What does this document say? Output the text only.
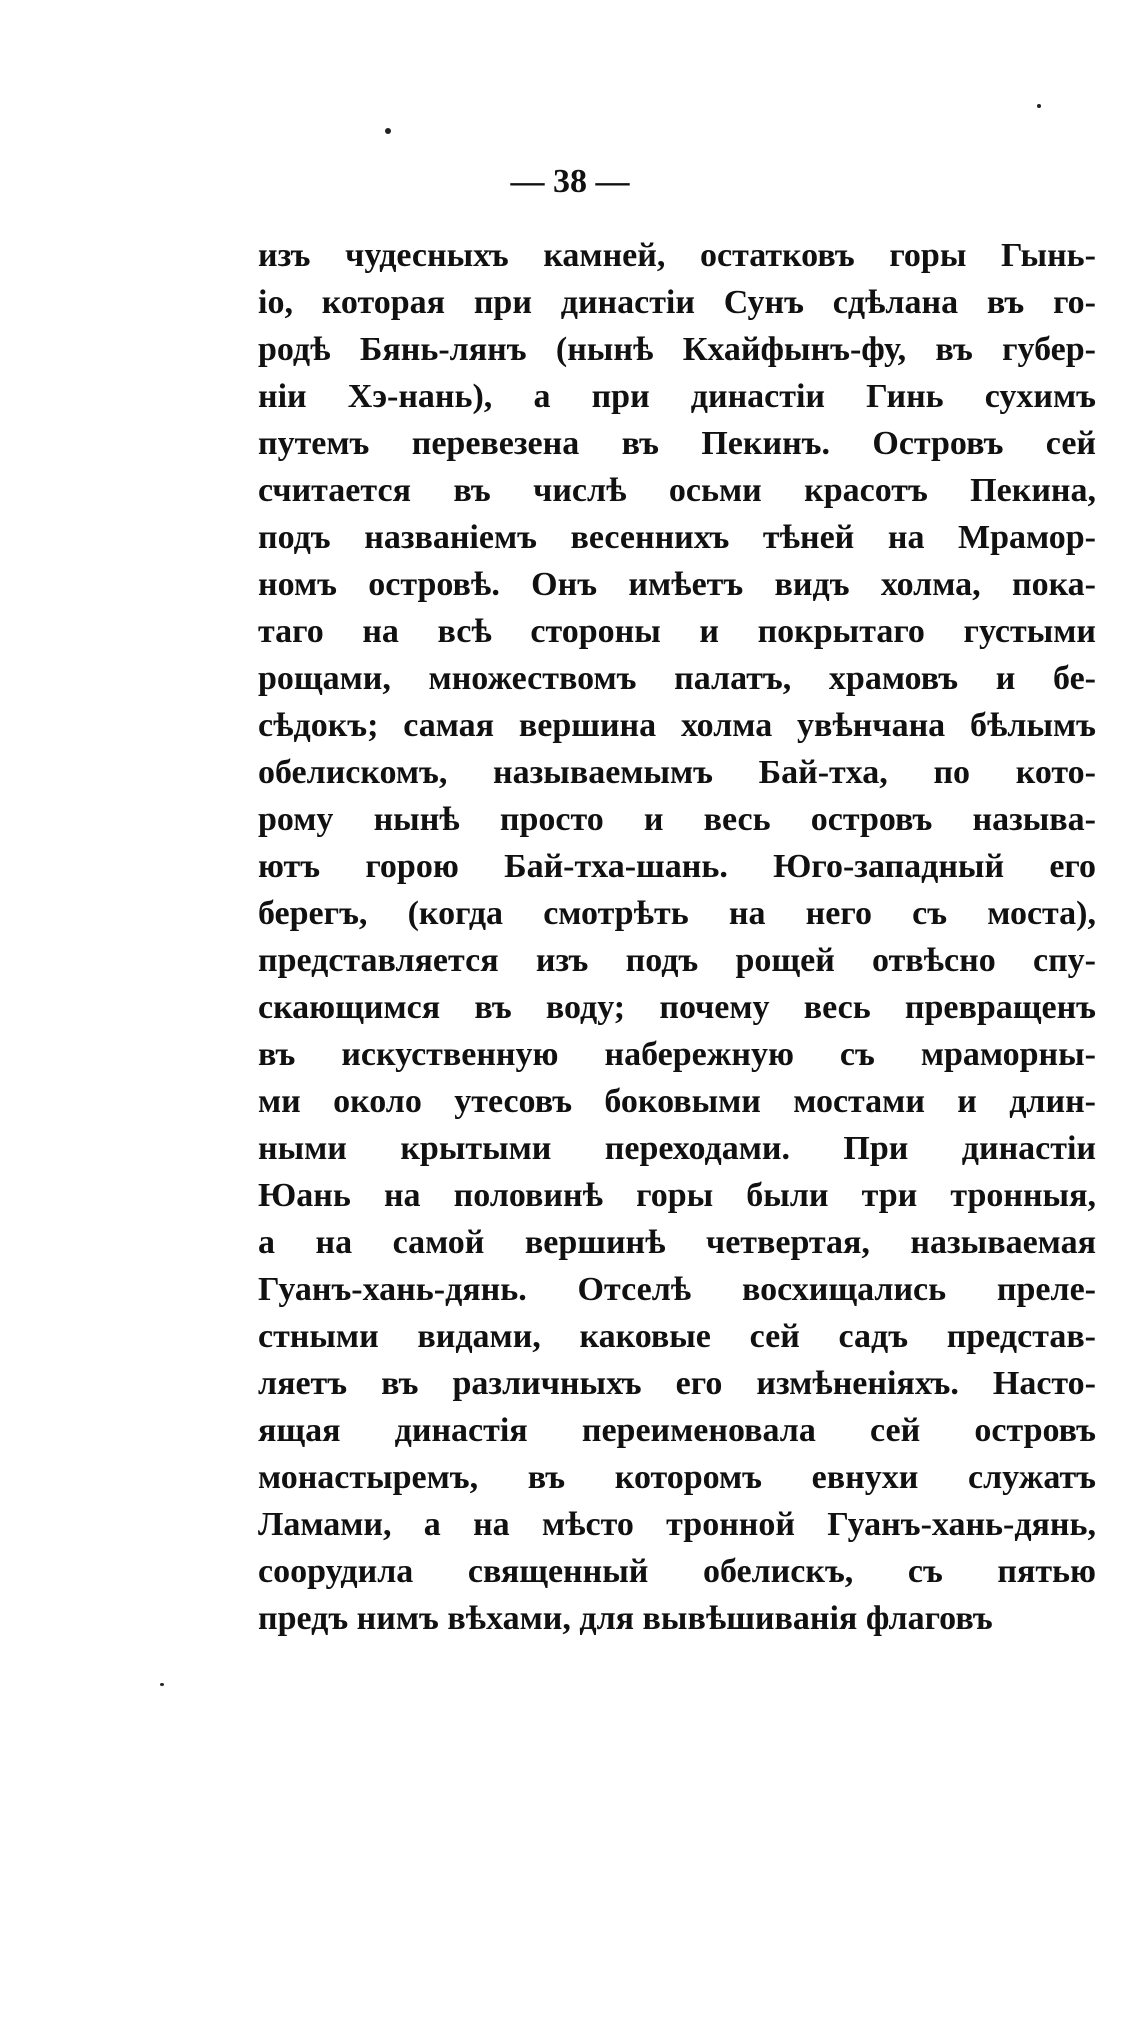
— 38 —
изъ чудесныхъ камней, остатковъ горы Гынь-
іо, которая при династіи Сунъ сдѣлана въ го-
родѣ Бянь-лянъ (нынѣ Кхайфынъ-фу, въ губер-
ніи Хэ-нань), а при династіи Гинь сухимъ
путемъ перевезена въ Пекинъ. Островъ сей
считается въ числѣ осьми красотъ Пекина,
подъ названіемъ весеннихъ тѣней на Мрамор-
номъ островѣ. Онъ имѣетъ видъ холма, пока-
таго на всѣ стороны и покрытаго густыми
рощами, множествомъ палатъ, храмовъ и бе-
сѣдокъ; самая вершина холма увѣнчана бѣлымъ
обелискомъ, называемымъ Бай-тха, по кото-
рому нынѣ просто и весь островъ называ-
ютъ горою Бай-тха-шань. Юго-западный его
берегъ, (когда смотрѣть на него съ моста),
представляется изъ подъ рощей отвѣсно спу-
скающимся въ воду; почему весь превращенъ
въ искуственную набережную съ мраморны-
ми около утесовъ боковыми мостами и длин-
ными крытыми переходами. При династіи
Юань на половинѣ горы были три тронныя,
а на самой вершинѣ четвертая, называемая
Гуанъ-хань-дянь. Отселѣ восхищались преле-
стными видами, каковые сей садъ представ-
ляетъ въ различныхъ его измѣненіяхъ. Насто-
ящая династія переименовала сей островъ
монастыремъ, въ которомъ евнухи служатъ
Ламами, а на мѣсто тронной Гуанъ-хань-дянь,
соорудила священный обелискъ, съ пятью
предъ нимъ вѣхами, для вывѣшиванія флаговъ
